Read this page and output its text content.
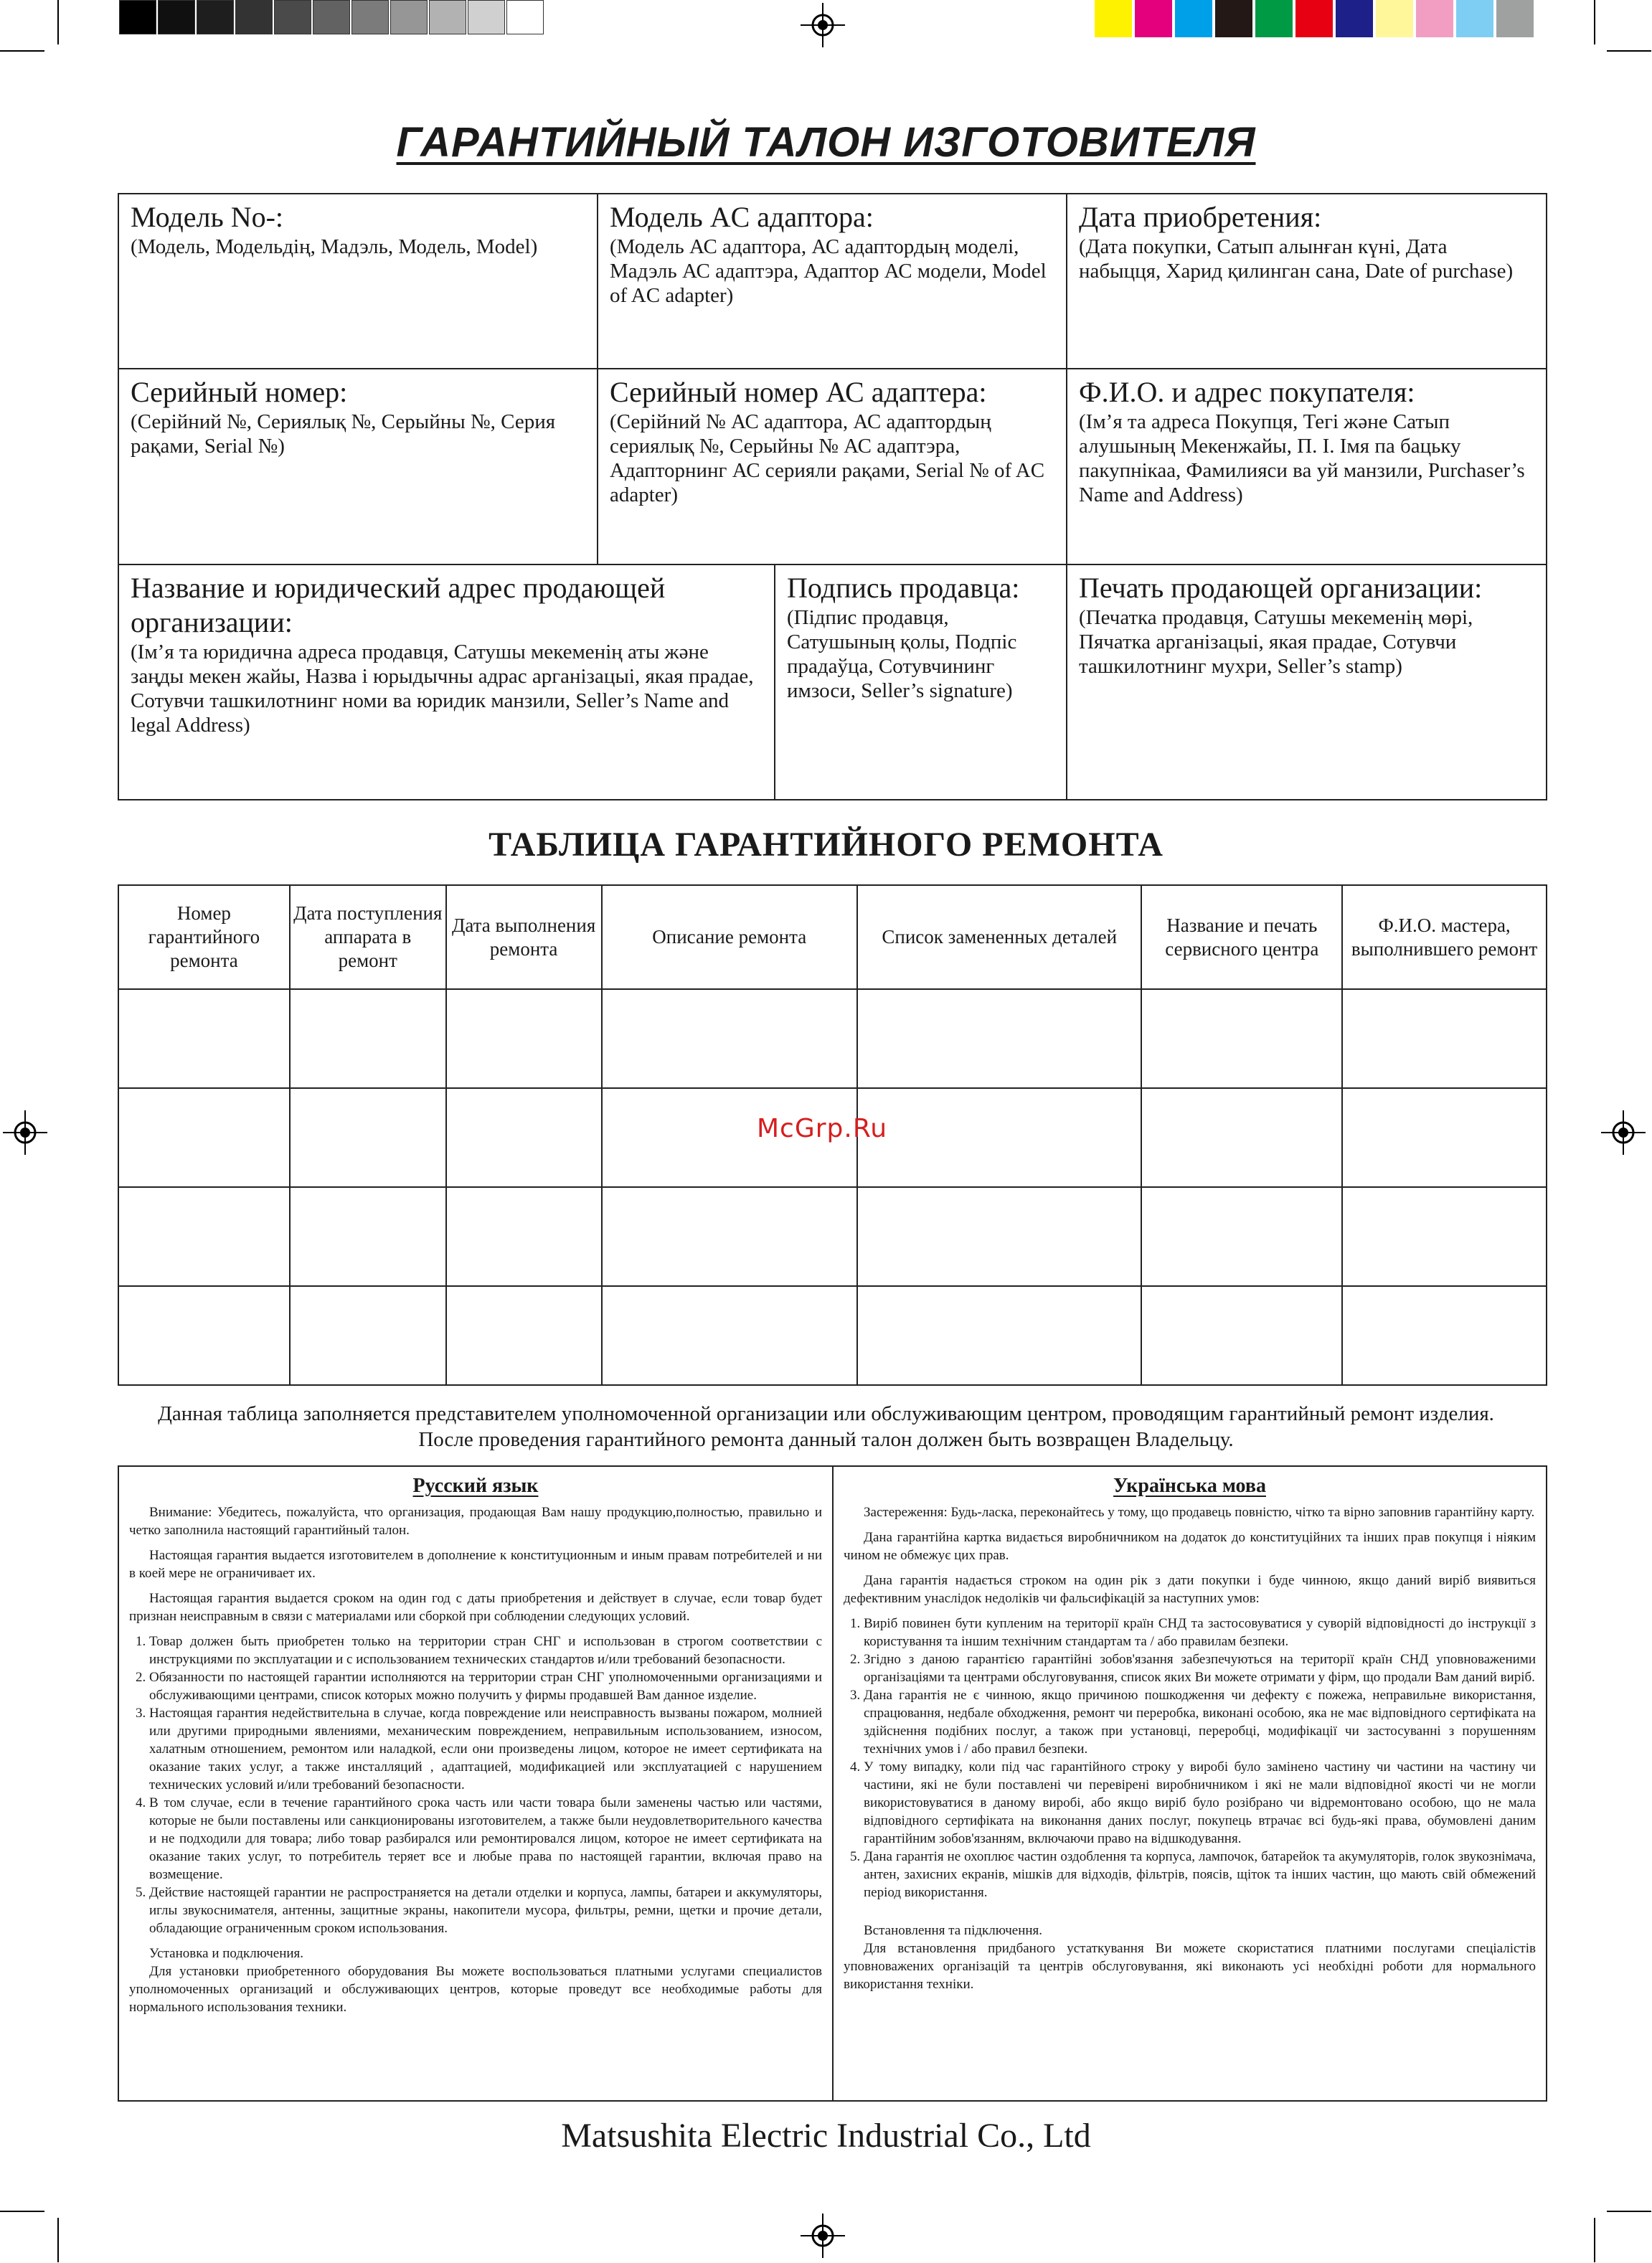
ГАРАНТИЙНЫЙ ТАЛОН ИЗГОТОВИТЕЛЯ
Модель No-:
(Модель, Модельдің, Мадэль, Модель, Model)
Модель AC адаптора:
(Модель АС адаптора, АС адаптордың моделі, Мадэль АС адаптэра, Адаптор АС модели, Model of AC adapter)
Дата приобретения:
(Дата покупки, Сатып алынған күні, Дата набыцця, Харид қилинган сана, Date of purchase)
Серийный номер:
(Серійний №, Сериялық №, Серыйны №, Серия рақами, Serial №)
Серийный номер АС адаптера:
(Серійний № АС адаптора, АС адаптордың сериялық №, Серыйны № АС адаптэра, Адапторнинг АС серияли рақами, Serial № of AC adapter)
Ф.И.О. и адрес покупателя:
(Ім’я та адреса Покупця, Тегі және Сатып алушының Мекенжайы, П. І. Імя па бацьку пакупнікаа, Фамилияси ва уй манзили, Purchaser’s Name and Address)
Название и юридический адрес продающей организации:
(Ім’я та юридична адреса продавця, Сатушы мекеменің аты және заңды мекен жайы, Назва і юрыдычны адрас арганізацыі, якая прадае, Сотувчи ташкилотнинг номи ва юридик манзили, Seller’s Name and legal Address)
Подпись продавца:
(Підпис продавця, Сатушының қолы, Подпіс прадаўца, Сотувчининг имзоси, Seller’s signature)
Печать продающей организации:
(Печатка продавця, Сатушы мекеменің мөрі, Пячатка арганізацыі, якая прадае, Сотувчи ташкилотнинг мухри, Seller’s stamp)
ТАБЛИЦА ГАРАНТИЙНОГО РЕМОНТА
Номер гарантийного ремонта	Дата поступления аппарата в ремонт	Дата выполнения ремонта	Описание ремонта	Список замененных деталей	Название и печать сервисного центра	Ф.И.О. мастера, выполнившего ремонт

McGrp.Ru
Данная таблица заполняется представителем уполномоченной организации или обслуживающим центром, проводящим гарантийный ремонт изделия.
После проведения гарантийного ремонта данный талон должен быть возвращен Владельцу.
Русский язык

Внимание: Убедитесь, пожалуйста, что организация, продающая Вам нашу продукцию,полностью, правильно и четко заполнила настоящий гарантийный талон.

Настоящая гарантия выдается изготовителем в дополнение к конституционным и иным правам потребителей и ни в коей мере не ограничивает их.

Настоящая гарантия выдается сроком на один год с даты приобретения и действует в случае, если товар будет признан неисправным в связи с материалами или сборкой при соблюдении следующих условий.

1. Товар должен быть приобретен только на территории стран СНГ и использован в строгом соответствии с инструкциями по эксплуатации и с использованием технических стандартов и/или требований безопасности.
2. Обязанности по настоящей гарантии исполняются на территории стран СНГ уполномоченными организациями и обслуживающими центрами, список которых можно получить у фирмы продавшей Вам данное изделие.
3. Настоящая гарантия недействительна в случае, когда повреждение или неисправность вызваны пожаром, молнией или другими природными явлениями, механическим повреждением, неправильным использованием, износом, халатным отношением, ремонтом или наладкой, если они произведены лицом, которое не имеет сертификата на оказание таких услуг, а также инсталляций , адаптацией, модификацией или эксплуатацией с нарушением технических условий и/или требований безопасности.
4. В том случае, если в течение гарантийного срока часть или части товара были заменены частью или частями, которые не были поставлены или санкционированы изготовителем, а также были неудовлетворительного качества и не подходили для товара; либо товар разбирался или ремонтировался лицом, которое не имеет сертификата на оказание таких услуг, то потребитель теряет все и любые права по настоящей гарантии, включая право на возмещение.
5. Действие настоящей гарантии не распространяется на детали отделки и корпуса, лампы, батареи и аккумуляторы, иглы звукоснимателя, антенны, защитные экраны, накопители мусора, фильтры, ремни, щетки и прочие детали, обладающие ограниченным сроком использования.

Установка и подключения.

Для установки приобретенного оборудования Вы можете воспользоваться платными услугами специалистов уполномоченных организаций и обслуживающих центров, которые проведут все необходимые работы для нормального использования техники.

Українська мова

Застереження: Будь-ласка, переконайтесь у тому, що продавець повністю, чітко та вірно заповнив гарантійну карту.

Дана гарантійна картка видається виробничником на додаток до конституційних та інших прав покупця і ніяким чином не обмежує цих прав.

Дана гарантія надається строком на один рік з дати покупки і буде чинною, якщо даний виріб виявиться дефективним унаслідок недоліків чи фальсифікацій за наступних умов:

1. Виріб повинен бути купленим на території країн СНД та застосовуватися у суворій відповідності до інструкції з користування та іншим технічним стандартам та / або правилам безпеки.
2. Згідно з даною гарантією гарантійні зобов'язання забезпечуються на території країн СНД уповноваженими організаціями та центрами обслуговування, список яких Ви можете отримати у фірм, що продали Вам даний виріб.
3. Дана гарантія не є чинною, якщо причиною пошкодження чи дефекту є пожежа, неправильне використання, спрацювання, недбале обходження, ремонт чи переробка, виконані особою, яка не має відповідного сертифіката на здійснення подібних послуг, а також при установці, переробці, модифікації чи застосуванні з порушенням технічних умов і / або правил безпеки.
4. У тому випадку, коли під час гарантійного строку у виробі було замінено частину чи частини на частину чи частини, які не були поставлені чи перевірені виробничником і які не мали відповідної якості чи не могли використовуватися в даному виробі, або якщо виріб було розібрано чи відремонтовано особою, що не мала відповідного сертифіката на виконання даних послуг, покупець втрачає всі будь-які права, обумовлені даним гарантійним зобов'язанням, включаючи право на відшкодування.
5. Дана гарантія не охоплює частин оздоблення та корпуса, лампочок, батарейок та акумуляторів, голок звукознімача, антен, захисних екранів, мішків для відходів, фільтрів, поясів, щіток та інших частин, що мають свій обмежений період використання.

Встановлення та підключення.

Для встановлення придбаного устаткування Ви можете скористатися платними послугами спеціалістів уповноважених організацій та центрів обслуговування, які виконають усі необхідні роботи для нормального використання техніки.

Matsushita Electric Industrial Co., Ltd
